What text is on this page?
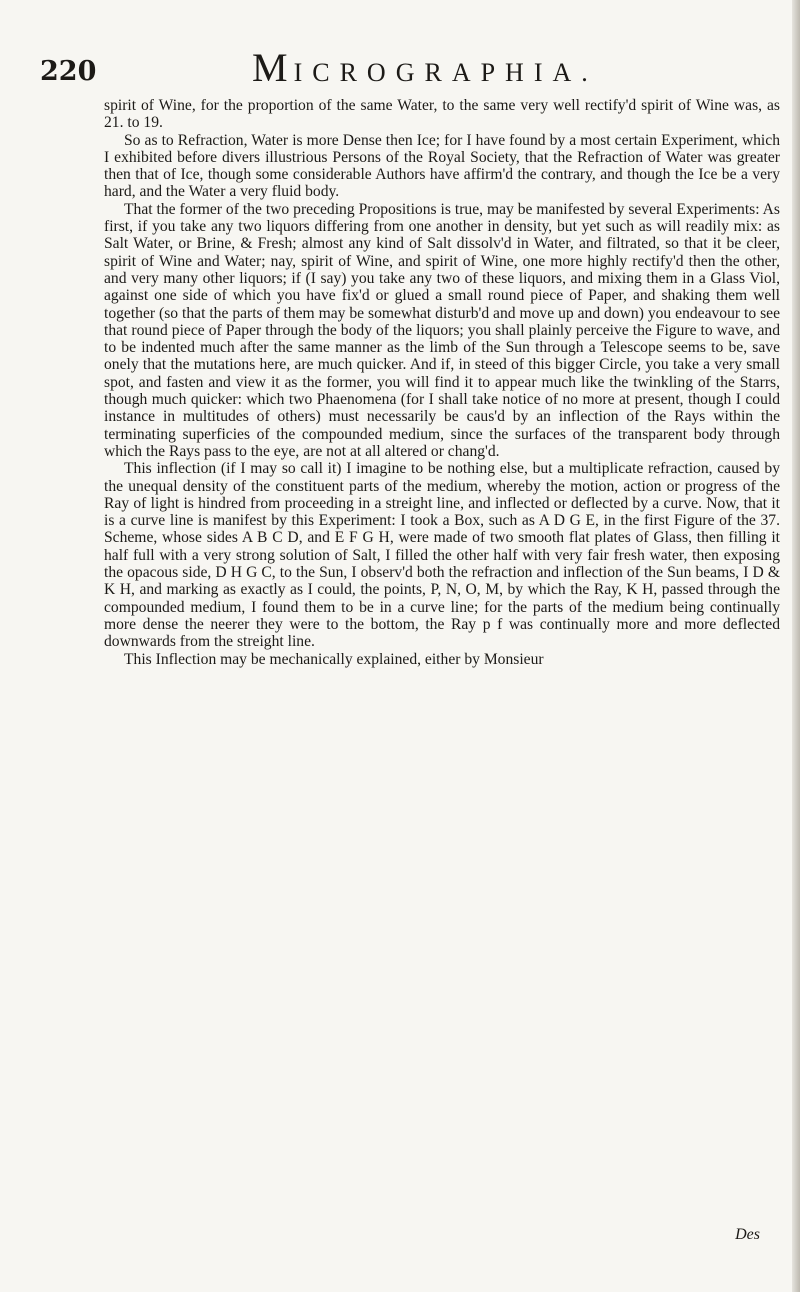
220	MICROGRAPHIA.

spirit of Wine, for the proportion of the same Water, to the same very well rectify'd spirit of Wine was, as 21. to 19.

So as to Refraction, Water is more Dense then Ice; for I have found by a most certain Experiment, which I exhibited before divers illustrious Persons of the Royal Society, that the Refraction of Water was greater then that of Ice, though some considerable Authors have affirm'd the contrary, and though the Ice be a very hard, and the Water a very fluid body.

That the former of the two preceding Propositions is true, may be manifested by several Experiments: As first, if you take any two liquors differing from one another in density, but yet such as will readily mix: as Salt Water, or Brine, & Fresh; almost any kind of Salt dissolv'd in Water, and filtrated, so that it be cleer, spirit of Wine and Water; nay, spirit of Wine, and spirit of Wine, one more highly rectify'd then the other, and very many other liquors; if (I say) you take any two of these liquors, and mixing them in a Glass Viol, against one side of which you have fix'd or glued a small round piece of Paper, and shaking them well together (so that the parts of them may be somewhat disturb'd and move up and down) you endeavour to see that round piece of Paper through the body of the liquors; you shall plainly perceive the Figure to wave, and to be indented much after the same manner as the limb of the Sun through a Telescope seems to be, save onely that the mutations here, are much quicker. And if, in steed of this bigger Circle, you take a very small spot, and fasten and view it as the former, you will find it to appear much like the twinkling of the Starrs, though much quicker: which two Phaenomena (for I shall take notice of no more at present, though I could instance in multitudes of others) must necessarily be caus'd by an inflection of the Rays within the terminating superficies of the compounded medium, since the surfaces of the transparent body through which the Rays pass to the eye, are not at all altered or chang'd.

This inflection (if I may so call it) I imagine to be nothing else, but a multiplicate refraction, caused by the unequal density of the constituent parts of the medium, whereby the motion, action or progress of the Ray of light is hindred from proceeding in a streight line, and inflected or deflected by a curve. Now, that it is a curve line is manifest by this Experiment: I took a Box, such as A D G E, in the first Figure of the 37. Scheme, whose sides A B C D, and E F G H, were made of two smooth flat plates of Glass, then filling it half full with a very strong solution of Salt, I filled the other half with very fair fresh water, then exposing the opacous side, D H G C, to the Sun, I observ'd both the refraction and inflection of the Sun beams, I D & K H, and marking as exactly as I could, the points, P, N, O, M, by which the Ray, K H, passed through the compounded medium, I found them to be in a curve line; for the parts of the medium being continually more dense the neerer they were to the bottom, the Ray p f was continually more and more deflected downwards from the streight line.

This Inflection may be mechanically explained, either by Monsieur

Des
